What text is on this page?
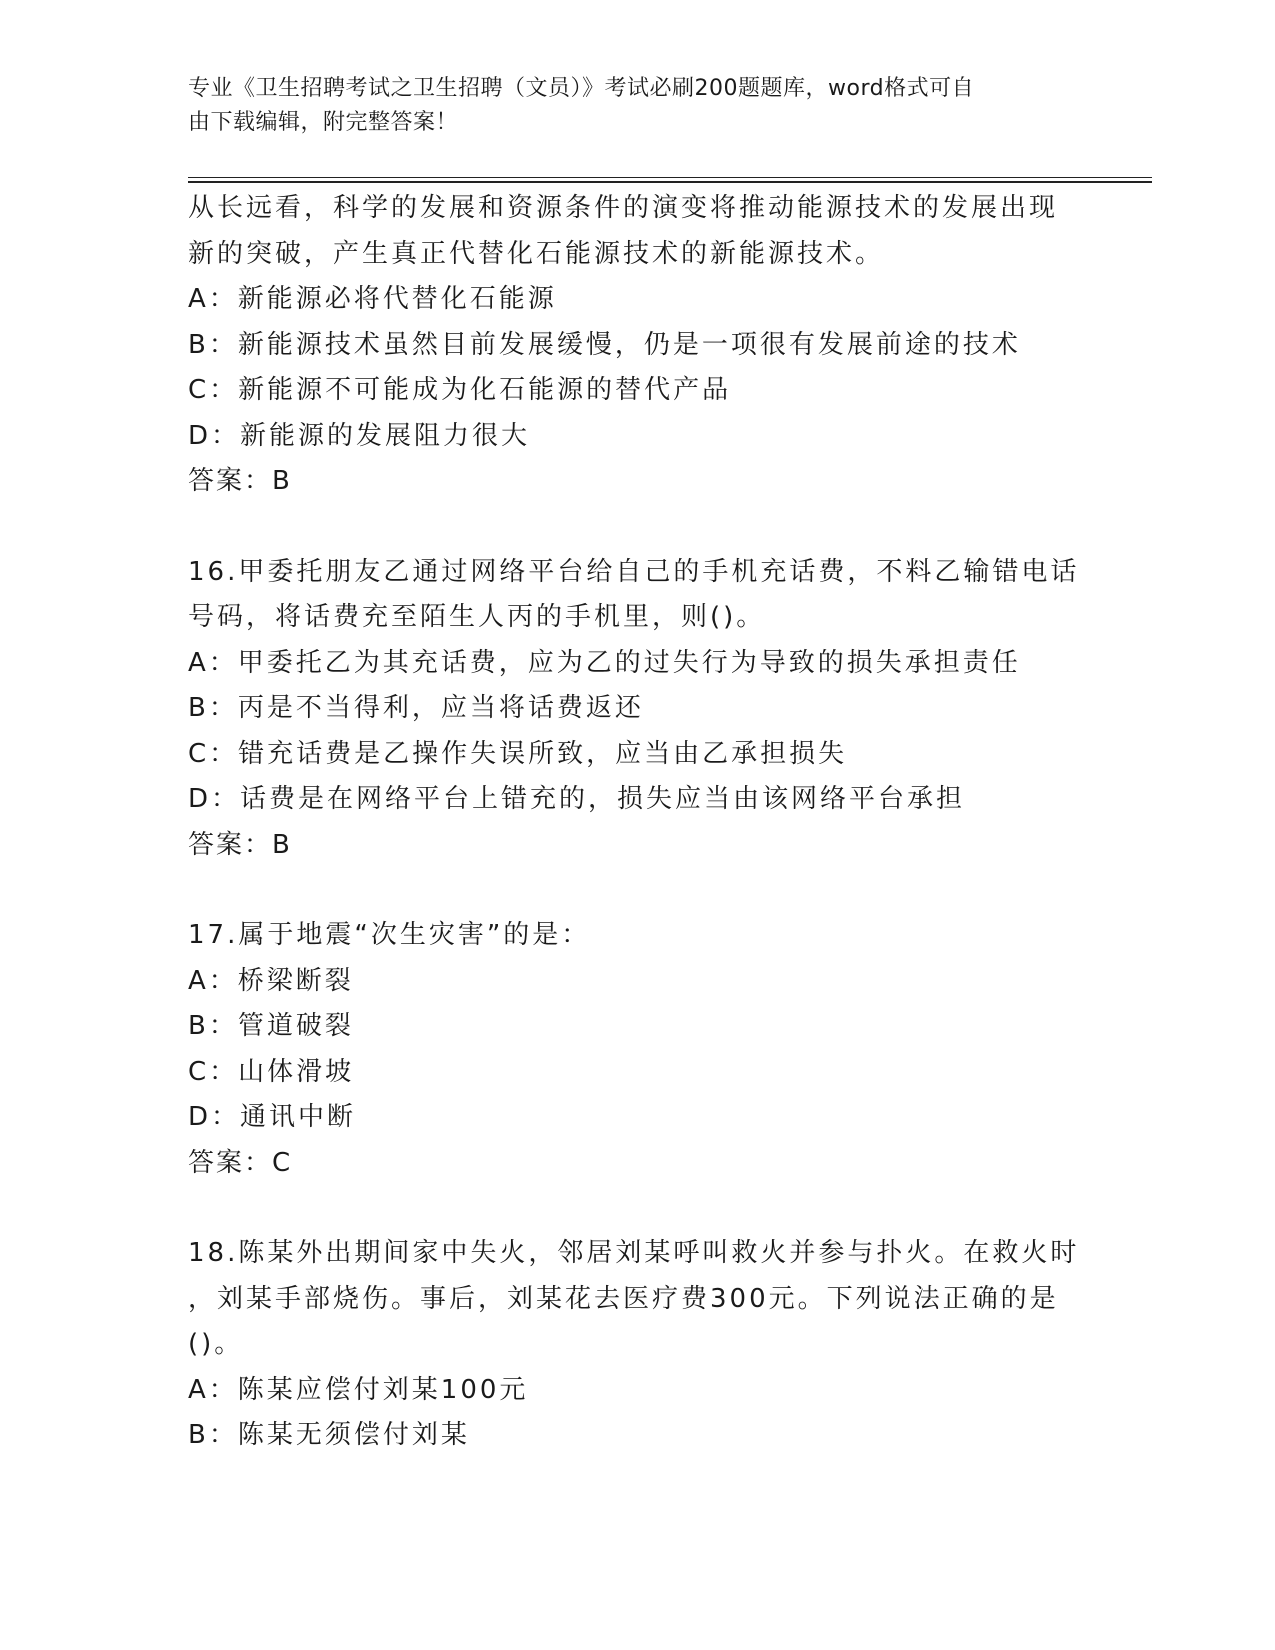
专业《卫生招聘考试之卫生招聘（文员）》考试必刷200题题库，word格式可自
由下载编辑，附完整答案！
从长远看，科学的发展和资源条件的演变将推动能源技术的发展出现
新的突破，产生真正代替化石能源技术的新能源技术。
A：新能源必将代替化石能源
B：新能源技术虽然目前发展缓慢，仍是一项很有发展前途的技术
C：新能源不可能成为化石能源的替代产品
D：新能源的发展阻力很大
答案：B
16.甲委托朋友乙通过网络平台给自己的手机充话费，不料乙输错电话
号码，将话费充至陌生人丙的手机里，则()。
A：甲委托乙为其充话费，应为乙的过失行为导致的损失承担责任
B：丙是不当得利，应当将话费返还
C：错充话费是乙操作失误所致，应当由乙承担损失
D：话费是在网络平台上错充的，损失应当由该网络平台承担
答案：B
17.属于地震“次生灾害”的是：
A：桥梁断裂
B：管道破裂
C：山体滑坡
D：通讯中断
答案：C
18.陈某外出期间家中失火，邻居刘某呼叫救火并参与扑火。在救火时
，刘某手部烧伤。事后，刘某花去医疗费300元。下列说法正确的是
()。
A：陈某应偿付刘某100元
B：陈某无须偿付刘某
